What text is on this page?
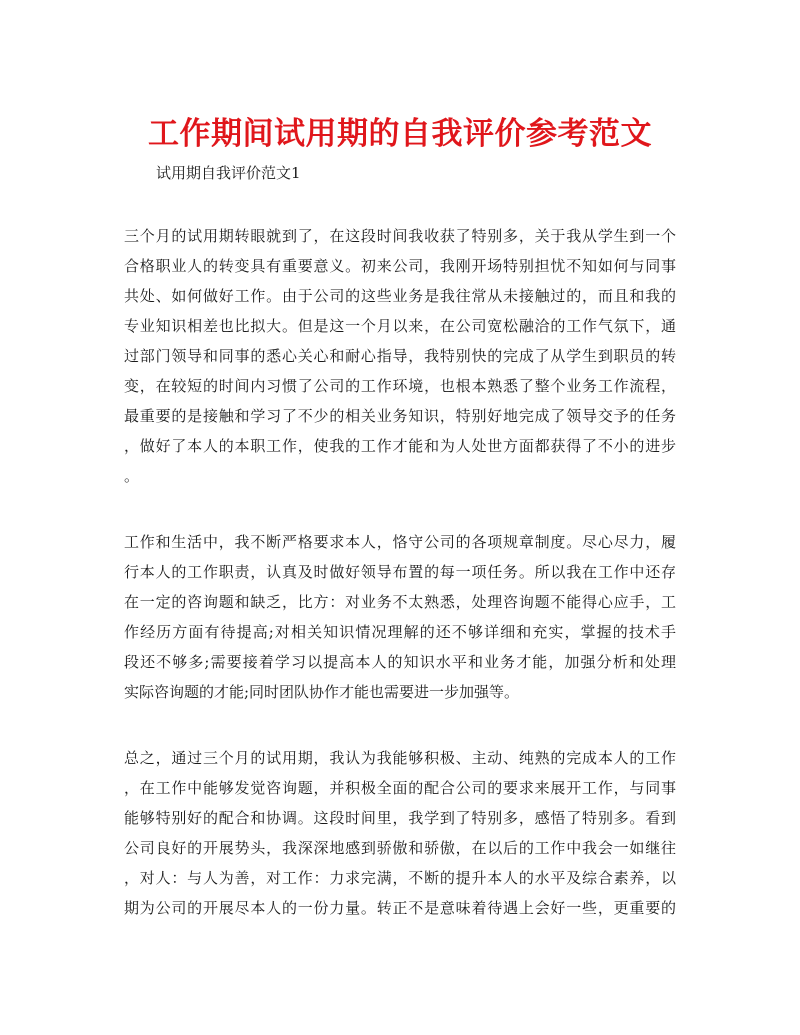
工作期间试用期的自我评价参考范文

试用期自我评价范文1

三个月的试用期转眼就到了，在这段时间我收获了特别多，关于我从学生到一个
合格职业人的转变具有重要意义。初来公司，我刚开场特别担忧不知如何与同事
共处、如何做好工作。由于公司的这些业务是我往常从未接触过的，而且和我的
专业知识相差也比拟大。但是这一个月以来，在公司宽松融洽的工作气氛下，通
过部门领导和同事的悉心关心和耐心指导，我特别快的完成了从学生到职员的转
变，在较短的时间内习惯了公司的工作环境，也根本熟悉了整个业务工作流程，
最重要的是接触和学习了不少的相关业务知识，特别好地完成了领导交予的任务
，做好了本人的本职工作，使我的工作才能和为人处世方面都获得了不小的进步
。
工作和生活中，我不断严格要求本人，恪守公司的各项规章制度。尽心尽力，履
行本人的工作职责，认真及时做好领导布置的每一项任务。所以我在工作中还存
在一定的咨询题和缺乏，比方：对业务不太熟悉，处理咨询题不能得心应手，工
作经历方面有待提高;对相关知识情况理解的还不够详细和充实，掌握的技术手
段还不够多;需要接着学习以提高本人的知识水平和业务才能，加强分析和处理
实际咨询题的才能;同时团队协作才能也需要进一步加强等。
总之，通过三个月的试用期，我认为我能够积极、主动、纯熟的完成本人的工作
，在工作中能够发觉咨询题，并积极全面的配合公司的要求来展开工作，与同事
能够特别好的配合和协调。这段时间里，我学到了特别多，感悟了特别多。看到
公司良好的开展势头，我深深地感到骄傲和骄傲，在以后的工作中我会一如继往
，对人：与人为善，对工作：力求完满，不断的提升本人的水平及综合素养，以
期为公司的开展尽本人的一份力量。转正不是意味着待遇上会好一些，更重要的
